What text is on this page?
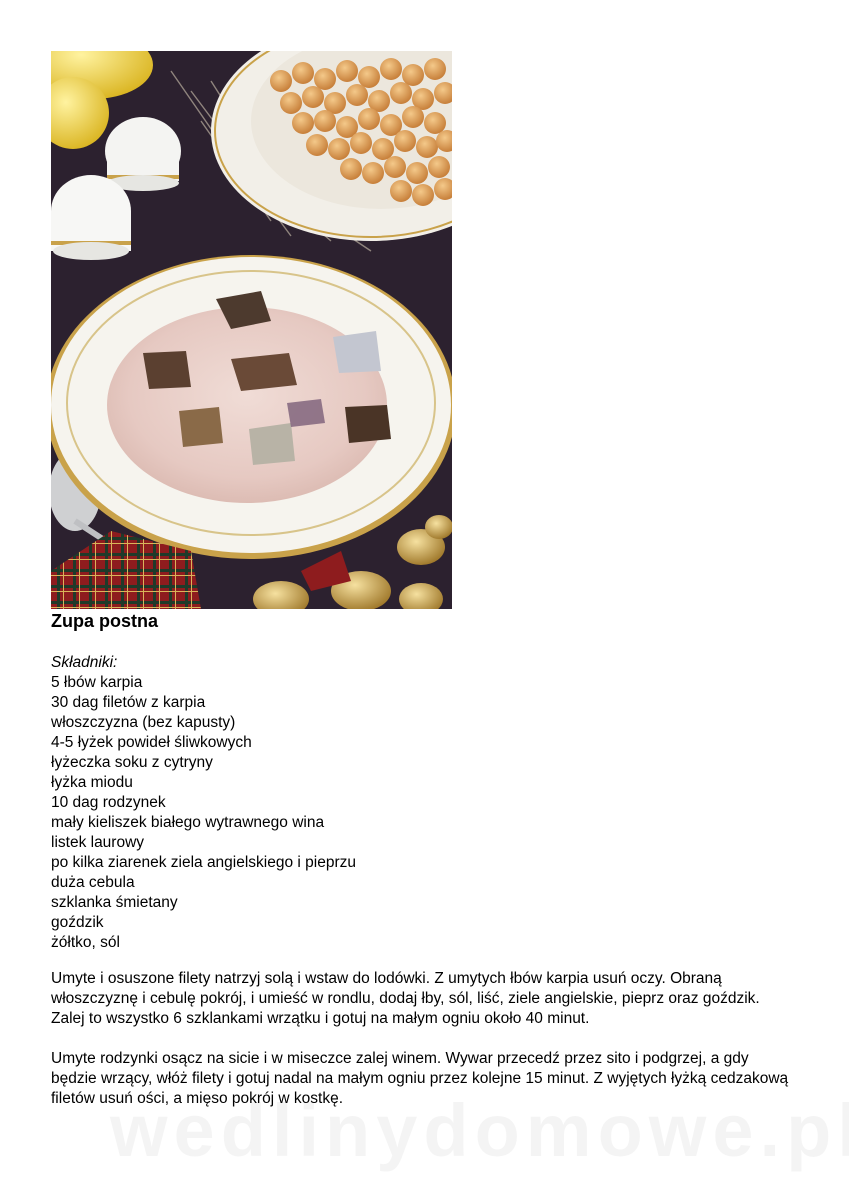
Zupa postna

Składniki:

5 łbów karpia
30 dag filetów z karpia
włoszczyzna (bez kapusty)
4-5 łyżek powideł śliwkowych
łyżeczka soku z cytryny
łyżka miodu
10 dag rodzynek
mały kieliszek białego wytrawnego wina
listek laurowy
po kilka ziarenek ziela angielskiego i pieprzu
duża cebula
szklanka śmietany
goździk
żółtko, sól

Umyte i osuszone filety natrzyj solą i wstaw do lodówki. Z umytych łbów karpia usuń oczy. Obraną włoszczyznę i cebulę pokrój, i umieść w rondlu, dodaj łby, sól, liść, ziele angielskie, pieprz oraz goździk. Zalej to wszystko 6 szklankami wrzątku i gotuj na małym ogniu około 40 minut.

Umyte rodzynki osącz na sicie i w miseczce zalej winem. Wywar przecedź przez sito i podgrzej, a gdy będzie wrzący, włóż filety i gotuj nadal na małym ogniu przez kolejne 15 minut. Z wyjętych łyżką cedzakową filetów usuń ości, a mięso pokrój w kostkę.
